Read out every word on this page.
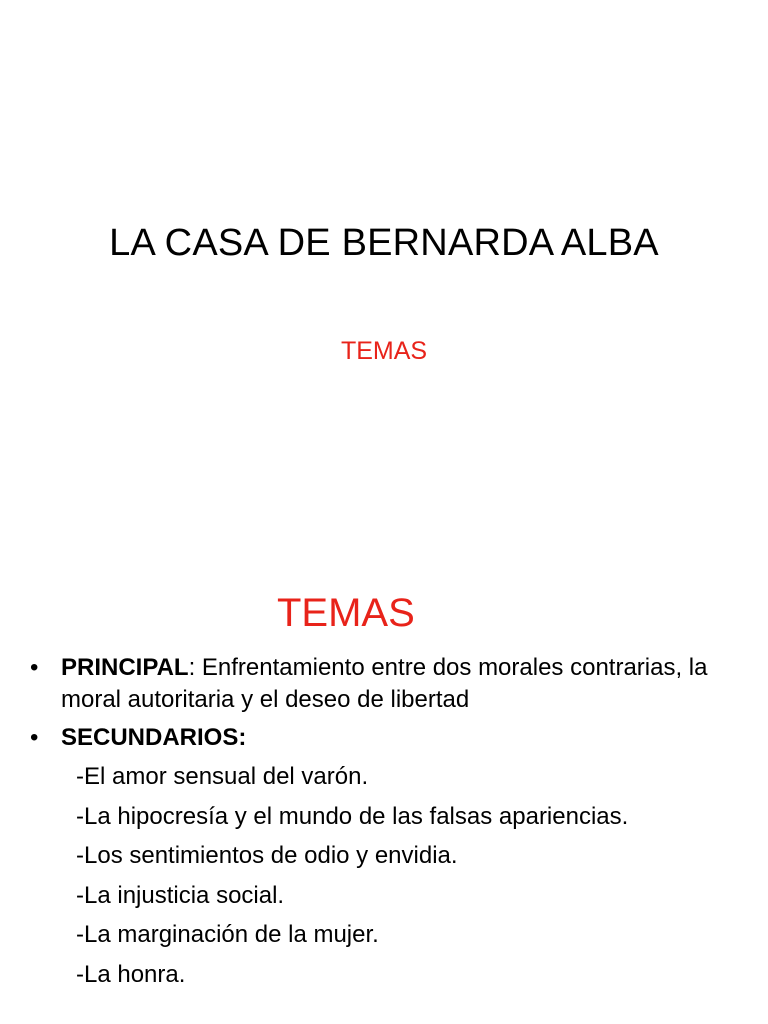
LA CASA DE BERNARDA ALBA
TEMAS
TEMAS
• PRINCIPAL: Enfrentamiento entre dos morales contrarias, la moral autoritaria y el deseo de libertad
• SECUNDARIOS:
-El amor sensual del varón.
-La hipocresía y el mundo de las falsas apariencias.
-Los sentimientos de odio y envidia.
-La injusticia social.
-La marginación de la mujer.
-La honra.
